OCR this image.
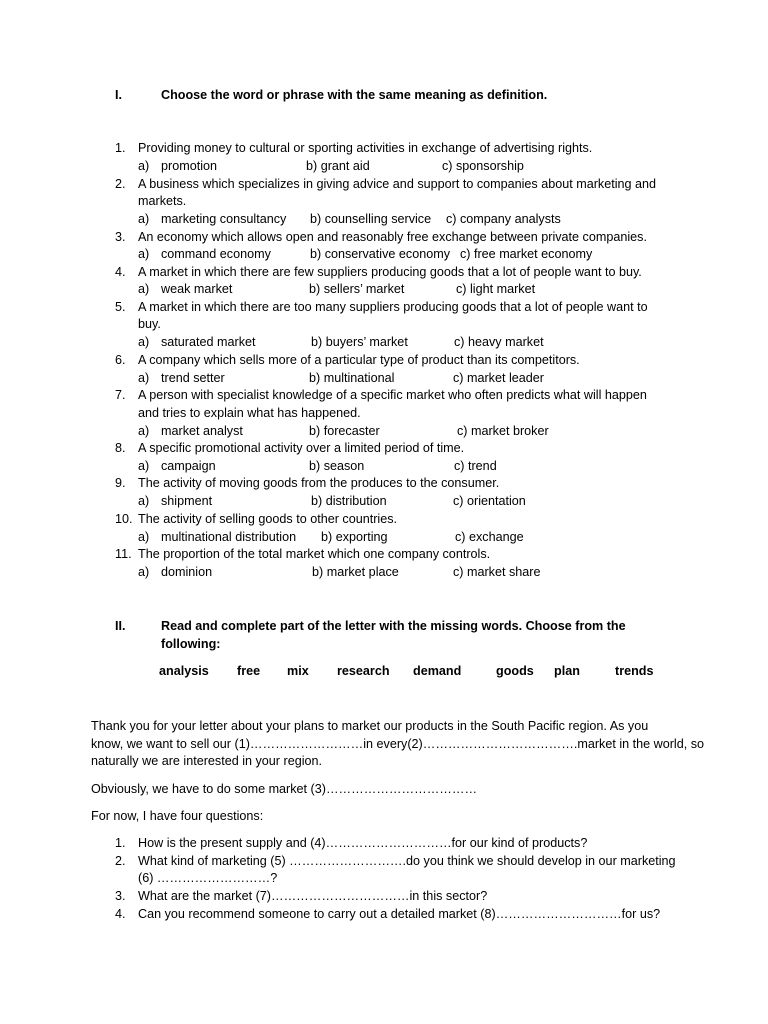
I.	Choose the word or phrase with the same meaning as definition.
1. Providing money to cultural or sporting activities in exchange of advertising rights.
a) promotion	b) grant aid	c) sponsorship
2. A business which specializes in giving advice and support to companies about marketing and
markets.
a) marketing consultancy b) counselling service c) company analysts
3. An economy which allows open and reasonably free exchange between private companies.
a) command economy	b) conservative economy c) free market economy
4. A market in which there are few suppliers producing goods that a lot of people want to buy.
a) weak market	b) sellers’ market	c) light market
5. A market in which there are too many suppliers producing goods that a lot of people want to
buy.
a) saturated market	b) buyers’ market	c) heavy market
6. A company which sells more of a particular type of product than its competitors.
a) trend setter	b) multinational	c) market leader
7. A person with specialist knowledge of a specific market who often predicts what will happen
and tries to explain what has happened.
a) market analyst	b) forecaster	c) market broker
8. A specific promotional activity over a limited period of time.
a) campaign	b) season	c) trend
9. The activity of moving goods from the produces to the consumer.
a) shipment	b) distribution	c) orientation
10. The activity of selling goods to other countries.
a) multinational distribution b) exporting	c) exchange
11. The proportion of the total market which one company controls.
a) dominion	b) market place	c) market share
II.	Read and complete part of the letter with the missing words. Choose from the
following:
analysis free mix research demand	goods plan	trends
Thank you for your letter about your plans to market our products in the South Pacific region. As you
know, we want to sell our (1)………………………in every(2)……………………………….market in the world, so
naturally we are interested in your region.
Obviously, we have to do some market (3)………………………………
For now, I have four questions:
1. How is the present supply and (4)…………………………for our kind of products?
2. What kind of marketing (5) ……………………….do you think we should develop in our marketing
(6) ………………………?
3. What are the market (7)……………………………in this sector?
4. Can you recommend someone to carry out a detailed market (8)…………………………for us?
